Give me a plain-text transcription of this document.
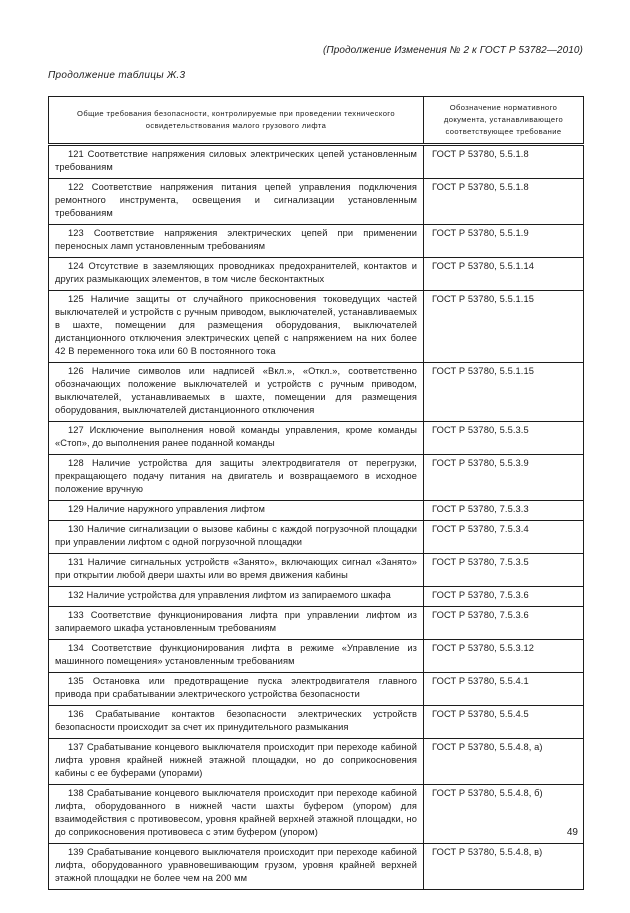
(Продолжение Изменения № 2 к ГОСТ Р 53782—2010)
Продолжение таблицы Ж.3
Общие требования безопасности, контролируемые при проведении технического освидетельствования малого грузового лифта	Обозначение нормативного документа, устанавливающего соответствующее требование
121 Соответствие напряжения силовых электрических цепей установленным требованиям	ГОСТ Р 53780, 5.5.1.8
122 Соответствие напряжения питания цепей управления подключения ремонтного инструмента, освещения и сигнализации установленным требованиям	ГОСТ Р 53780, 5.5.1.8
123 Соответствие напряжения электрических цепей при применении переносных ламп установленным требованиям	ГОСТ Р 53780, 5.5.1.9
124 Отсутствие в заземляющих проводниках предохранителей, контактов и других размыкающих элементов, в том числе бесконтактных	ГОСТ Р 53780, 5.5.1.14
125 Наличие защиты от случайного прикосновения токоведущих частей выключателей и устройств с ручным приводом, выключателей, устанавливаемых в шахте, помещении для размещения оборудования, выключателей дистанционного отключения электрических цепей с напряжением на них более 42 В переменного тока или 60 В постоянного тока	ГОСТ Р 53780, 5.5.1.15
126 Наличие символов или надписей «Вкл.», «Откл.», соответственно обозначающих положение выключателей и устройств с ручным приводом, выключателей, устанавливаемых в шахте, помещении для размещения оборудования, выключателей дистанционного отключения	ГОСТ Р 53780, 5.5.1.15
127 Исключение выполнения новой команды управления, кроме команды «Стоп», до выполнения ранее поданной команды	ГОСТ Р 53780, 5.5.3.5
128 Наличие устройства для защиты электродвигателя от перегрузки, прекращающего подачу питания на двигатель и возвращаемого в исходное положение вручную	ГОСТ Р 53780, 5.5.3.9
129 Наличие наружного управления лифтом	ГОСТ Р 53780, 7.5.3.3
130 Наличие сигнализации о вызове кабины с каждой погрузочной площадки при управлении лифтом с одной погрузочной площадки	ГОСТ Р 53780, 7.5.3.4
131 Наличие сигнальных устройств «Занято», включающих сигнал «Занято» при открытии любой двери шахты или во время движения кабины	ГОСТ Р 53780, 7.5.3.5
132 Наличие устройства для управления лифтом из запираемого шкафа	ГОСТ Р 53780, 7.5.3.6
133 Соответствие функционирования лифта при управлении лифтом из запираемого шкафа установленным требованиям	ГОСТ Р 53780, 7.5.3.6
134 Соответствие функционирования лифта в режиме «Управление из машинного помещения» установленным требованиям	ГОСТ Р 53780, 5.5.3.12
135 Остановка или предотвращение пуска электродвигателя главного привода при срабатывании электрического устройства безопасности	ГОСТ Р 53780, 5.5.4.1
136 Срабатывание контактов безопасности электрических устройств безопасности происходит за счет их принудительного размыкания	ГОСТ Р 53780, 5.5.4.5
137 Срабатывание концевого выключателя происходит при переходе кабиной лифта уровня крайней нижней этажной площадки, но до соприкосновения кабины с ее буферами (упорами)	ГОСТ Р 53780, 5.5.4.8, а)
138 Срабатывание концевого выключателя происходит при переходе кабиной лифта, оборудованного в нижней части шахты буфером (упором) для взаимодействия с противовесом, уровня крайней верхней этажной площадки, но до соприкосновения противовеса с этим буфером (упором)	ГОСТ Р 53780, 5.5.4.8, б)
139 Срабатывание концевого выключателя происходит при переходе кабиной лифта, оборудованного уравновешивающим грузом, уровня крайней верхней этажной площадки не более чем на 200 мм	ГОСТ Р 53780, 5.5.4.8, в)
49
